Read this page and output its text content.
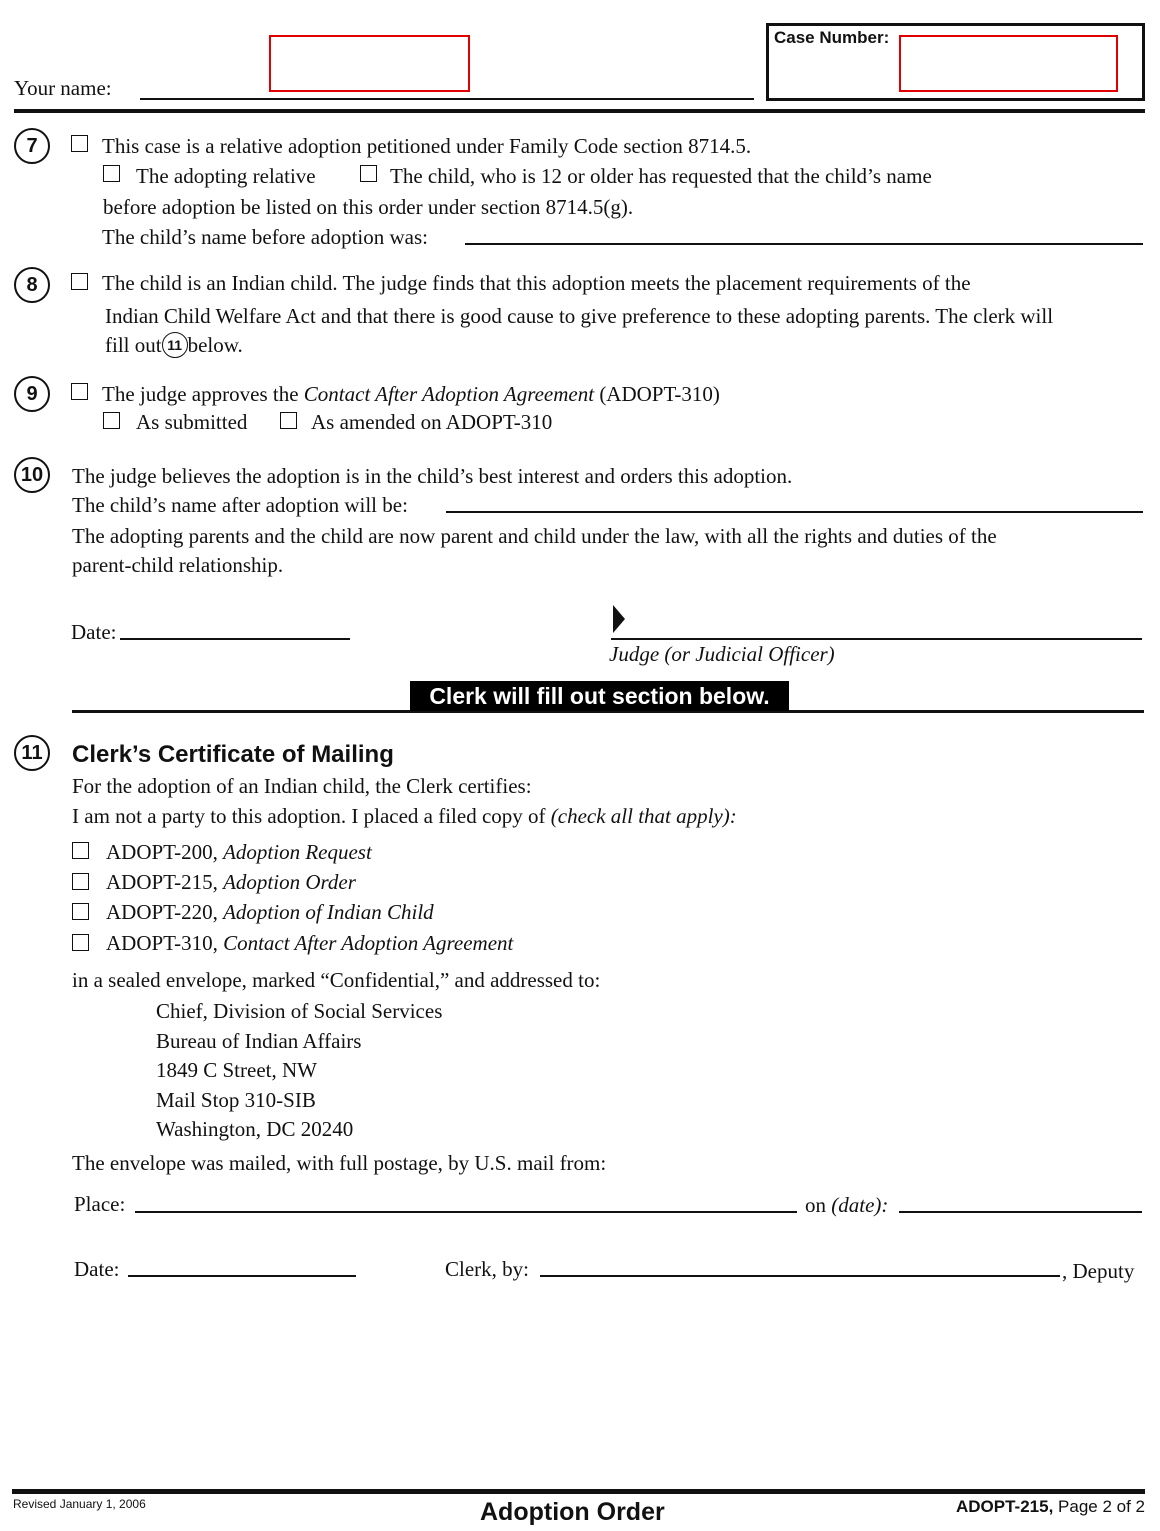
Your name:
Case Number:
7	This case is a relative adoption petitioned under Family Code section 8714.5.
The adopting relative	The child, who is 12 or older has requested that the child’s name
before adoption be listed on this order under section 8714.5(g).
The child’s name before adoption was:
8	The child is an Indian child. The judge finds that this adoption meets the placement requirements of the
Indian Child Welfare Act and that there is good cause to give preference to these adopting parents. The clerk will
fill out 11 below.
9	The judge approves the Contact After Adoption Agreement (ADOPT-310)
As submitted	As amended on ADOPT-310
10	The judge believes the adoption is in the child’s best interest and orders this adoption.
The child’s name after adoption will be:
The adopting parents and the child are now parent and child under the law, with all the rights and duties of the
parent-child relationship.
Date:
Judge (or Judicial Officer)
Clerk will fill out section below.
11	Clerk’s Certificate of Mailing
For the adoption of an Indian child, the Clerk certifies:
I am not a party to this adoption. I placed a filed copy of (check all that apply):
ADOPT-200, Adoption Request
ADOPT-215, Adoption Order
ADOPT-220, Adoption of Indian Child
ADOPT-310, Contact After Adoption Agreement
in a sealed envelope, marked “Confidential,” and addressed to:
Chief, Division of Social Services
Bureau of Indian Affairs
1849 C Street, NW
Mail Stop 310-SIB
Washington, DC 20240
The envelope was mailed, with full postage, by U.S. mail from:
Place:	on (date):
Date:	Clerk, by:	, Deputy
Revised January 1, 2006	Adoption Order	ADOPT-215, Page 2 of 2
